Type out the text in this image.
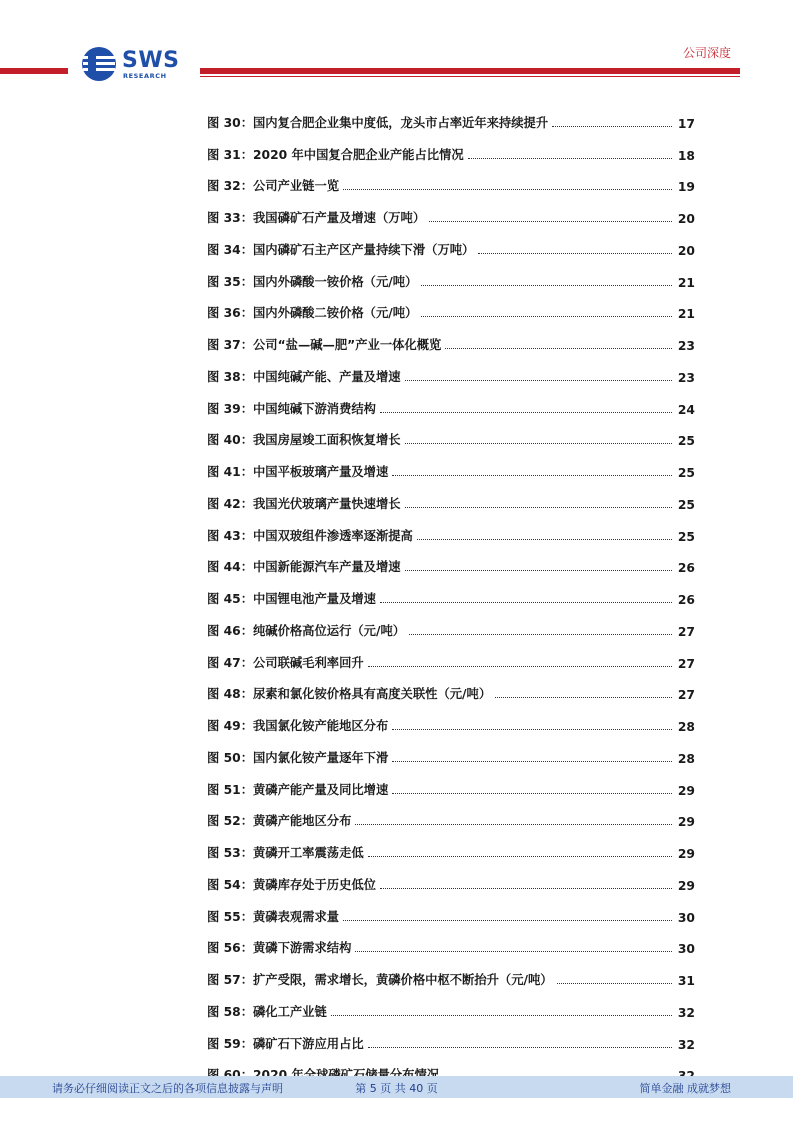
SWS
RESEARCH
公司深度
图 30：国内复合肥企业集中度低，龙头市占率近年来持续提升	17
图 31：2020 年中国复合肥企业产能占比情况	18
图 32：公司产业链一览	19
图 33：我国磷矿石产量及增速（万吨）	20
图 34：国内磷矿石主产区产量持续下滑（万吨）	20
图 35：国内外磷酸一铵价格（元/吨）	21
图 36：国内外磷酸二铵价格（元/吨）	21
图 37：公司“盐—碱—肥”产业一体化概览	23
图 38：中国纯碱产能、产量及增速	23
图 39：中国纯碱下游消费结构	24
图 40：我国房屋竣工面积恢复增长	25
图 41：中国平板玻璃产量及增速	25
图 42：我国光伏玻璃产量快速增长	25
图 43：中国双玻组件渗透率逐渐提高	25
图 44：中国新能源汽车产量及增速	26
图 45：中国锂电池产量及增速	26
图 46：纯碱价格高位运行（元/吨）	27
图 47：公司联碱毛利率回升	27
图 48：尿素和氯化铵价格具有高度关联性（元/吨）	27
图 49：我国氯化铵产能地区分布	28
图 50：国内氯化铵产量逐年下滑	28
图 51：黄磷产能产量及同比增速	29
图 52：黄磷产能地区分布	29
图 53：黄磷开工率震荡走低	29
图 54：黄磷库存处于历史低位	29
图 55：黄磷表观需求量	30
图 56：黄磷下游需求结构	30
图 57：扩产受限，需求增长，黄磷价格中枢不断抬升（元/吨）	31
图 58：磷化工产业链	32
图 59：磷矿石下游应用占比	32
请务必仔细阅读正文之后的各项信息披露与声明	第 5 页 共 40 页	简单金融 成就梦想
